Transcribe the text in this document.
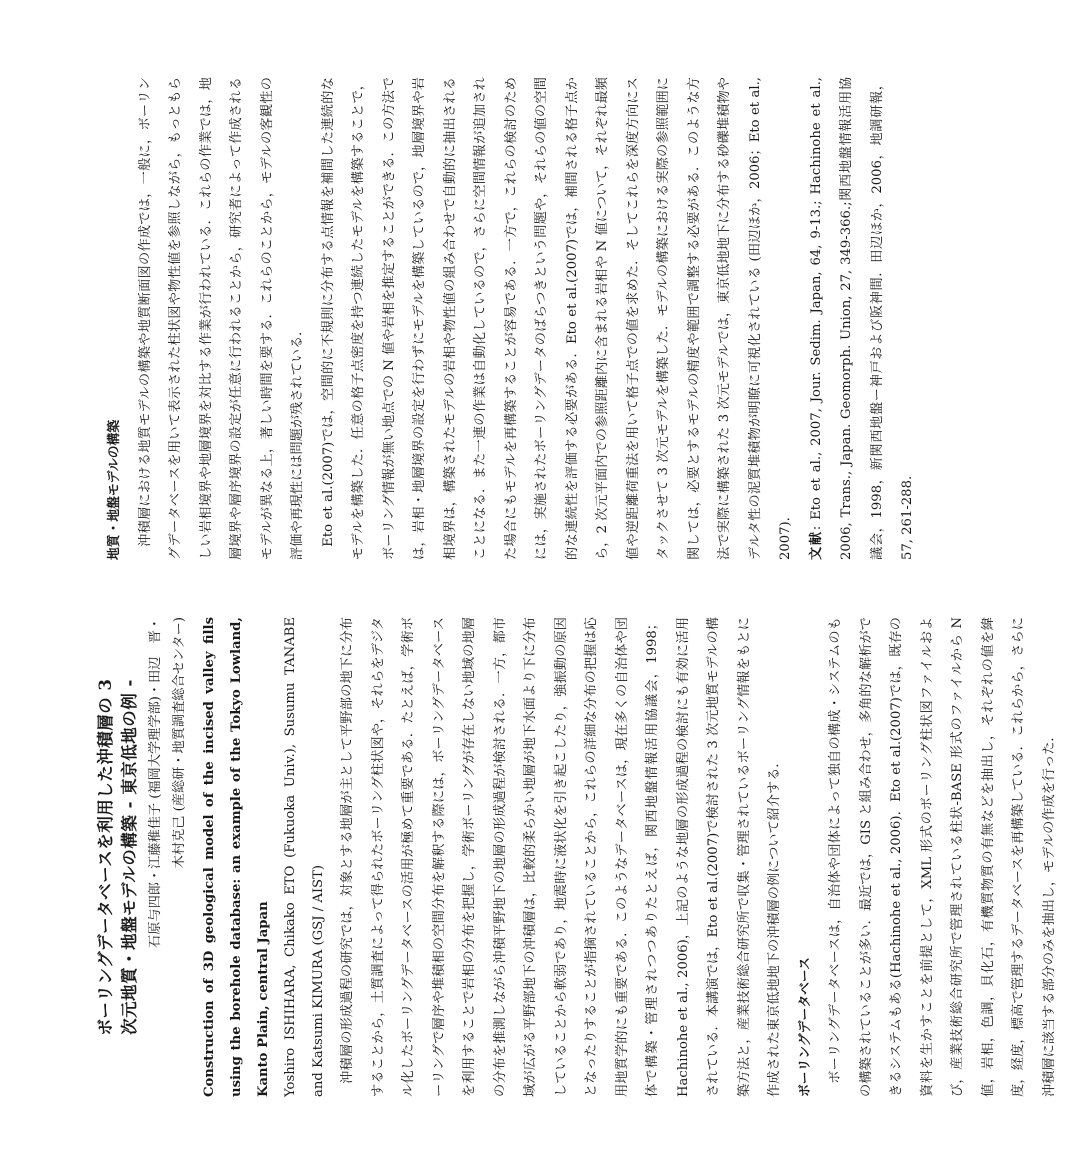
ボーリングデータベースを利用した沖積層の 3 次元地質・地盤モデルの構築 - 東京低地の例 - 石原与四郎・江藤稚佳子 (福岡大学理学部)・田辺　晋・ 木村克己 (産総研・地質調査総合センター)	Construction of 3D geological model of the incised valley fills using the borehole database: an example of the Tokyo Lowland, Kanto Plain, central Japan Yoshiro ISHIHARA, Chikako ETO (Fukuoka Univ.), Susumu TANABE and Katsumi KIMURA (GSJ / AIST)	沖積層の形成過程の研究では，対象とする地層が主として平野部の地下に分布することから，土質調査によって得られたボーリング柱状図や，それらをデジタル化したボーリングデータベースの活用が極めて重要である．たとえば，学術ボーリングで層序や堆積相の空間分布を解釈する際には，ボーリングデータベースを利用することで岩相の分布を把握し，学術ボーリングが存在しない地域の地層の分布を推測しながら沖積平野地下の地層の形成過程が検討される．一方，都市域が広がる平野部地下の沖積層は，比較的柔らかい地層が地下水面より下に分布していることから軟弱であり，地震時に液状化を引き起こしたり，強振動の原因となったりすることが指摘されていることから，これらの詳細な分布の把握は応用地質学的にも重要である．このようなデータベースは，現在多くの自治体や団体で構築・管理されつつありたとえば，関西地盤情報活用協議会，1998；Hachinohe et al., 2006)，上記のような地層の形成過程の検討にも有効に活用されている．本講演では，Eto et al.(2007)で検討された 3 次元地質モデルの構築方法と，産業技術総合研究所で収集・管理されているボーリング情報をもとに作成された東京低地地下の沖積層の例について紹介する．	ボーリングデータベース	ボーリングデータベースは，自治体や団体によって独自の構成・システムのもの構築されていることが多い．最近では，GIS と組み合わせ，多角的な解析ができるシステムもある(Hachinohe et al., 2006)．Eto et al.(2007)では，既存の資料を生かすことを前提として，XML 形式のボーリング柱状図ファイルおよび，産業技術総合研究所で管理されている柱状-BASE 形式のファイルから N 値，岩相，色調，貝化石，有機質物質の有無などを抽出し，それぞれの値を緯度，経度，標高で管理するデータベースを再構築している．これらから，さらに沖積層に該当する部分のみを抽出し，モデルの作成を行った．

地質・地盤モデルの構築	沖積層における地質モデルの構築や地質断面図の作成では，一般に，ボーリングデータベースを用いて表示された柱状図や物性値を参照しながら，もっともらしい岩相境界や地層境界を対比する作業が行われている．これらの作業では，地層境界や層序境界の設定が任意に行われることから，研究者によって作成されるモデルが異なる上，著しい時間を要する．これらのことから，モデルの客観性の評価や再現性には問題が残されている．	Eto et al.(2007)では，空間的に不規則に分布する点情報を補間した連続的なモデルを構築した．任意の格子点密度を持つ連続したモデルを構築することで，ボーリング情報が無い地点での N 値や岩相を推定することができる．この方法では，岩相・地層境界の設定を行わずにモデルを構築しているので，地層境界や岩相境界は，構築されたモデルの岩相や物性値の組み合わせで自動的に抽出されることになる．また一連の作業は自動化しているので，さらに空間情報が追加された場合にもモデルを再構築することが容易である．一方で，これらの検討のためには，実施されたボーリングデータのばらつきという問題や，それらの値の空間的な連続性を評価する必要がある．Eto et al.(2007)では，補間される格子点から，2 次元平面内での参照距離内に含まれる岩相や N 値について，それぞれ最頻値や逆距離荷重法を用いて格子点での値を求めた．そしてこれらを深度方向にスタックさせて 3 次元モデルを構築した．モデルの構築における実際の参照範囲に関しては，必要とするモデルの精度や範囲で調整する必要がある．このような方法で実際に構築された 3 次元モデルでは，東京低地地下に分布する砂礫堆積物やデルタ性の泥質堆積物が明瞭に可視化されている (田辺ほか，2006；Eto et al., 2007)．	文献: Eto et al., 2007, Jour. Sedim. Japan, 64, 9-13.; Hachinohe et al., 2006, Trans., Japan. Geomorph. Union, 27, 349-366.;関西地盤情報活用協議会，1998，新関西地盤ー神戸および阪神間．田辺ほか，2006，地調研報，57, 261-288.
